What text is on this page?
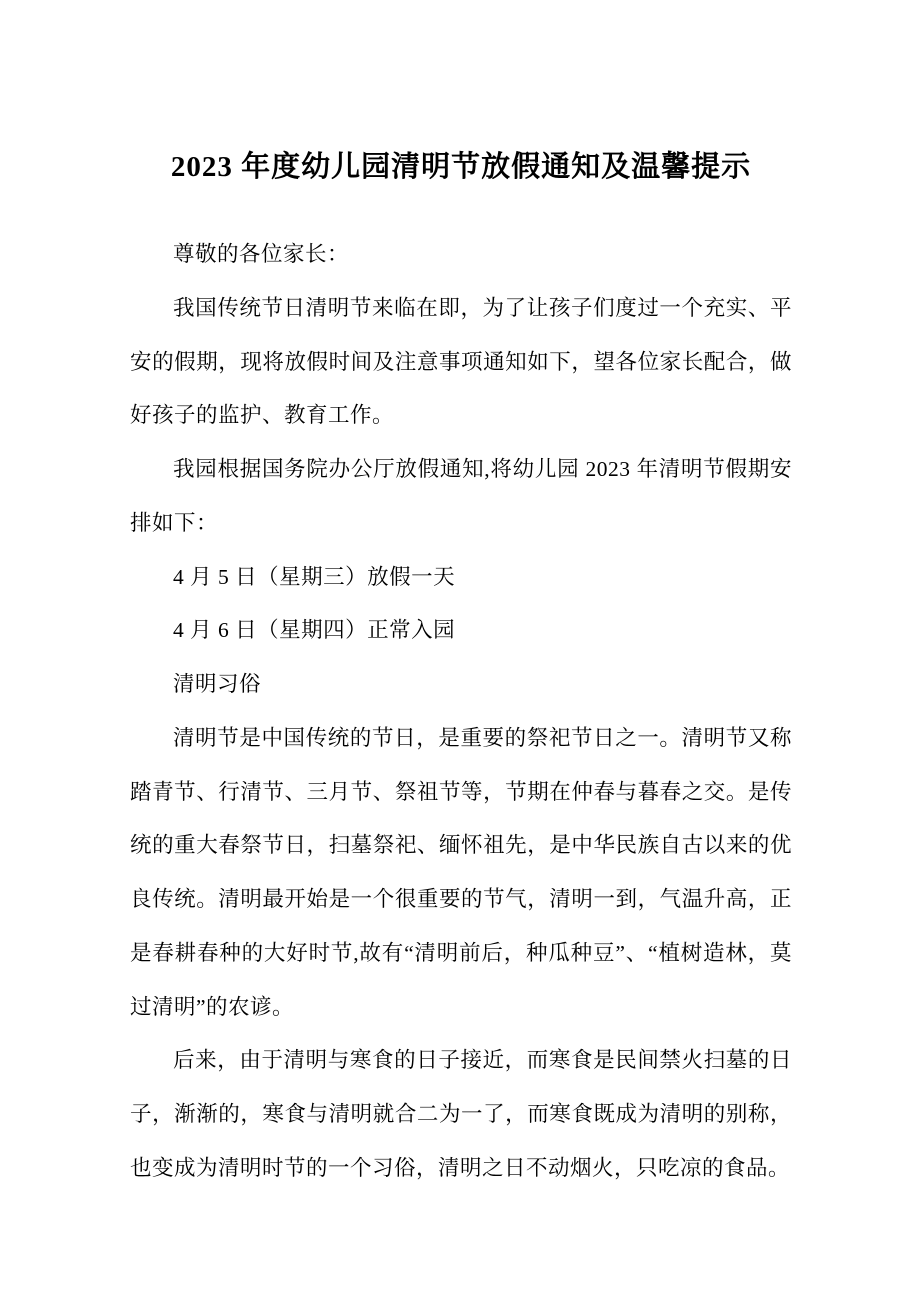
2023 年度幼儿园清明节放假通知及温馨提示

尊敬的各位家长：

我国传统节日清明节来临在即，为了让孩子们度过一个充实、平安的假期，现将放假时间及注意事项通知如下，望各位家长配合，做好孩子的监护、教育工作。

我园根据国务院办公厅放假通知,将幼儿园 2023 年清明节假期安排如下：

4 月 5 日（星期三）放假一天

4 月 6 日（星期四）正常入园

清明习俗

清明节是中国传统的节日，是重要的祭祀节日之一。清明节又称踏青节、行清节、三月节、祭祖节等，节期在仲春与暮春之交。是传统的重大春祭节日，扫墓祭祀、缅怀祖先，是中华民族自古以来的优良传统。清明最开始是一个很重要的节气，清明一到，气温升高，正是春耕春种的大好时节,故有“清明前后，种瓜种豆”、“植树造林，莫过清明”的农谚。

后来，由于清明与寒食的日子接近，而寒食是民间禁火扫墓的日子，渐渐的，寒食与清明就合二为一了，而寒食既成为清明的别称，也变成为清明时节的一个习俗，清明之日不动烟火，只吃凉的食品。
